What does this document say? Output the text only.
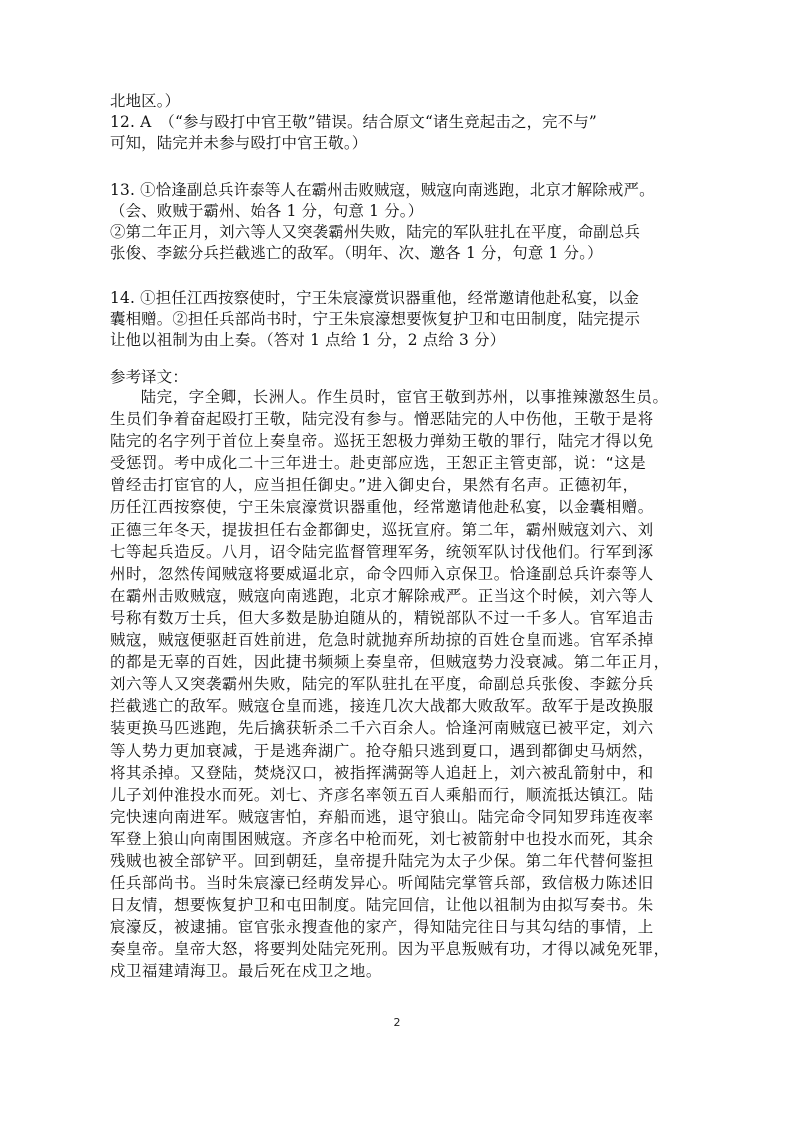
北地区。）
12. A　（“参与殴打中官王敬”错误。结合原文“诸生竞起击之，完不与”
可知，陆完并未参与殴打中官王敬。）
13. ①恰逢副总兵许泰等人在霸州击败贼寇，贼寇向南逃跑，北京才解除戒严。
（会、败贼于霸州、始各 1 分，句意 1 分。）
②第二年正月，刘六等人又突袭霸州失败，陆完的军队驻扎在平度，命副总兵
张俊、李鋐分兵拦截逃亡的敌军。（明年、次、邀各 1 分，句意 1 分。）
14. ①担任江西按察使时，宁王朱宸濠赏识器重他，经常邀请他赴私宴，以金
囊相赠。②担任兵部尚书时，宁王朱宸濠想要恢复护卫和屯田制度，陆完提示
让他以祖制为由上奏。（答对 1 点给 1 分，2 点给 3 分）
参考译文：
陆完，字全卿，长洲人。作生员时，宦官王敬到苏州，以事推辣激怒生员。
生员们争着奋起殴打王敬，陆完没有参与。憎恶陆完的人中伤他，王敬于是将
陆完的名字列于首位上奏皇帝。巡抚王恕极力弹劾王敬的罪行，陆完才得以免
受惩罚。考中成化二十三年进士。赴吏部应选，王恕正主管吏部，说：“这是
曾经击打宦官的人，应当担任御史。”进入御史台，果然有名声。正德初年，
历任江西按察使，宁王朱宸濠赏识器重他，经常邀请他赴私宴，以金囊相赠。
正德三年冬天，提拔担任右金都御史，巡抚宣府。第二年，霸州贼寇刘六、刘
七等起兵造反。八月，诏令陆完监督管理军务，统领军队讨伐他们。行军到涿
州时，忽然传闻贼寇将要威逼北京，命令四师入京保卫。恰逢副总兵许泰等人
在霸州击败贼寇，贼寇向南逃跑，北京才解除戒严。正当这个时候，刘六等人
号称有数万士兵，但大多数是胁迫随从的，精锐部队不过一千多人。官军追击
贼寇，贼寇便驱赶百姓前进，危急时就抛弃所劫掠的百姓仓皇而逃。官军杀掉
的都是无辜的百姓，因此捷书频频上奏皇帝，但贼寇势力没衰减。第二年正月，
刘六等人又突袭霸州失败，陆完的军队驻扎在平度，命副总兵张俊、李鋐分兵
拦截逃亡的敌军。贼寇仓皇而逃，接连几次大战都大败敌军。敌军于是改换服
装更换马匹逃跑，先后擒获斩杀二千六百余人。恰逢河南贼寇已被平定，刘六
等人势力更加衰减，于是逃奔湖广。抢夺船只逃到夏口，遇到都御史马炳然，
将其杀掉。又登陆，焚烧汉口，被指挥满弼等人追赶上，刘六被乱箭射中，和
儿子刘仲淮投水而死。刘七、齐彦名率领五百人乘船而行，顺流抵达镇江。陆
完快速向南进军。贼寇害怕，弃船而逃，退守狼山。陆完命令同知罗玮连夜率
军登上狼山向南围困贼寇。齐彦名中枪而死，刘七被箭射中也投水而死，其余
残贼也被全部铲平。回到朝廷，皇帝提升陆完为太子少保。第二年代替何鉴担
任兵部尚书。当时朱宸濠已经萌发异心。听闻陆完掌管兵部，致信极力陈述旧
日友情，想要恢复护卫和屯田制度。陆完回信，让他以祖制为由拟写奏书。朱
宸濠反，被逮捕。宦官张永搜查他的家产，得知陆完往日与其勾结的事情，上
奏皇帝。皇帝大怒，将要判处陆完死刑。因为平息叛贼有功，才得以减免死罪，
戍卫福建靖海卫。最后死在戍卫之地。
2
